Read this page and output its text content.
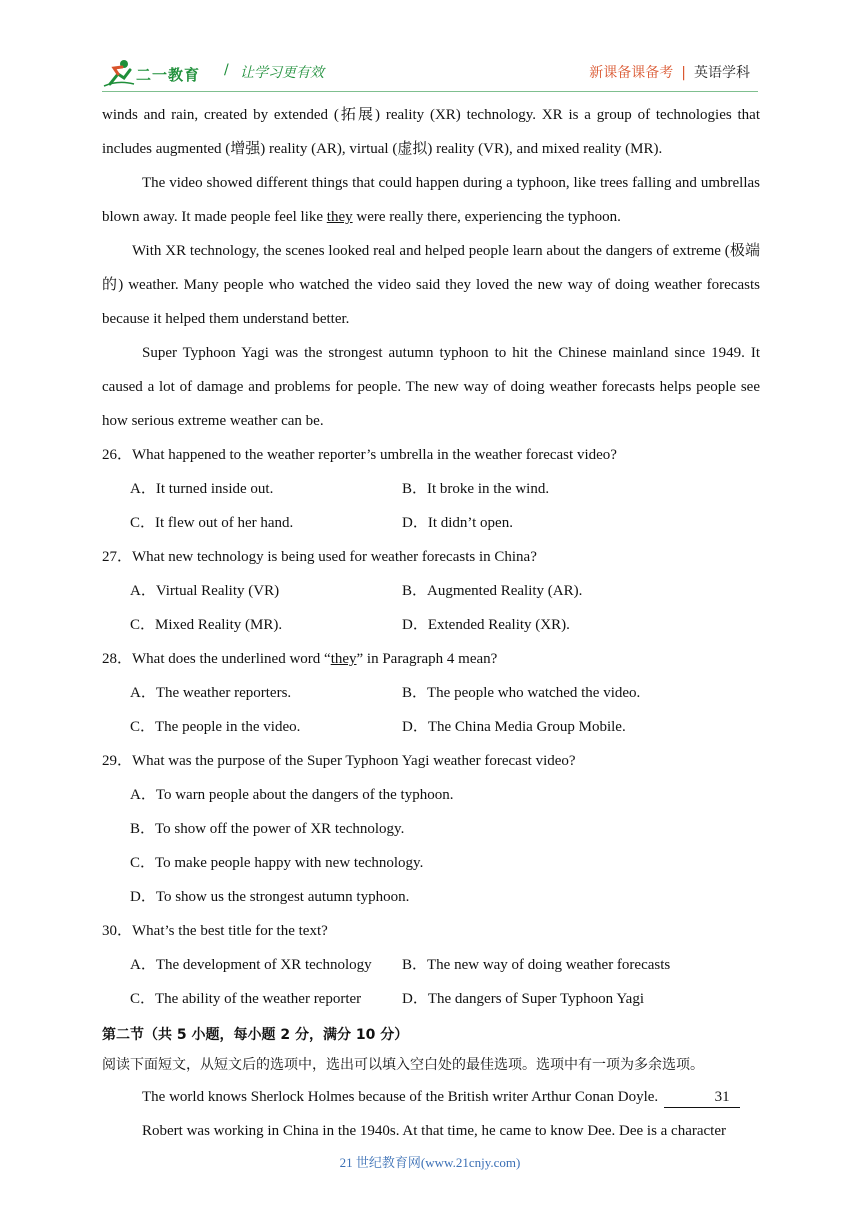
二一教育 / 让学习更有效	新课备课备考 | 英语学科

winds and rain, created by extended (拓展) reality (XR) technology. XR is a group of technologies that includes augmented (增强) reality (AR), virtual (虚拟) reality (VR), and mixed reality (MR).

The video showed different things that could happen during a typhoon, like trees falling and umbrellas blown away. It made people feel like they were really there, experiencing the typhoon.

With XR technology, the scenes looked real and helped people learn about the dangers of extreme (极端的) weather. Many people who watched the video said they loved the new way of doing weather forecasts because it helped them understand better.

Super Typhoon Yagi was the strongest autumn typhoon to hit the Chinese mainland since 1949. It caused a lot of damage and problems for people. The new way of doing weather forecasts helps people see how serious extreme weather can be.

26．What happened to the weather reporter’s umbrella in the weather forecast video?
A．It turned inside out.	B．It broke in the wind.
C．It flew out of her hand.	D．It didn’t open.
27．What new technology is being used for weather forecasts in China?
A．Virtual Reality (VR)	B．Augmented Reality (AR).
C．Mixed Reality (MR).	D．Extended Reality (XR).
28．What does the underlined word “they” in Paragraph 4 mean?
A．The weather reporters.	B．The people who watched the video.
C．The people in the video.	D．The China Media Group Mobile.
29．What was the purpose of the Super Typhoon Yagi weather forecast video?
A．To warn people about the dangers of the typhoon.
B．To show off the power of XR technology.
C．To make people happy with new technology.
D．To show us the strongest autumn typhoon.
30．What’s the best title for the text?
A．The development of XR technology	B．The new way of doing weather forecasts
C．The ability of the weather reporter	D．The dangers of Super Typhoon Yagi
第二节（共 5 小题，每小题 2 分，满分 10 分）
阅读下面短文，从短文后的选项中，选出可以填入空白处的最佳选项。选项中有一项为多余选项。

The world knows Sherlock Holmes because of the British writer Arthur Conan Doyle.	31

Robert was working in China in the 1940s. At that time, he came to know Dee. Dee is a character

21 世纪教育网(www.21cnjy.com)
